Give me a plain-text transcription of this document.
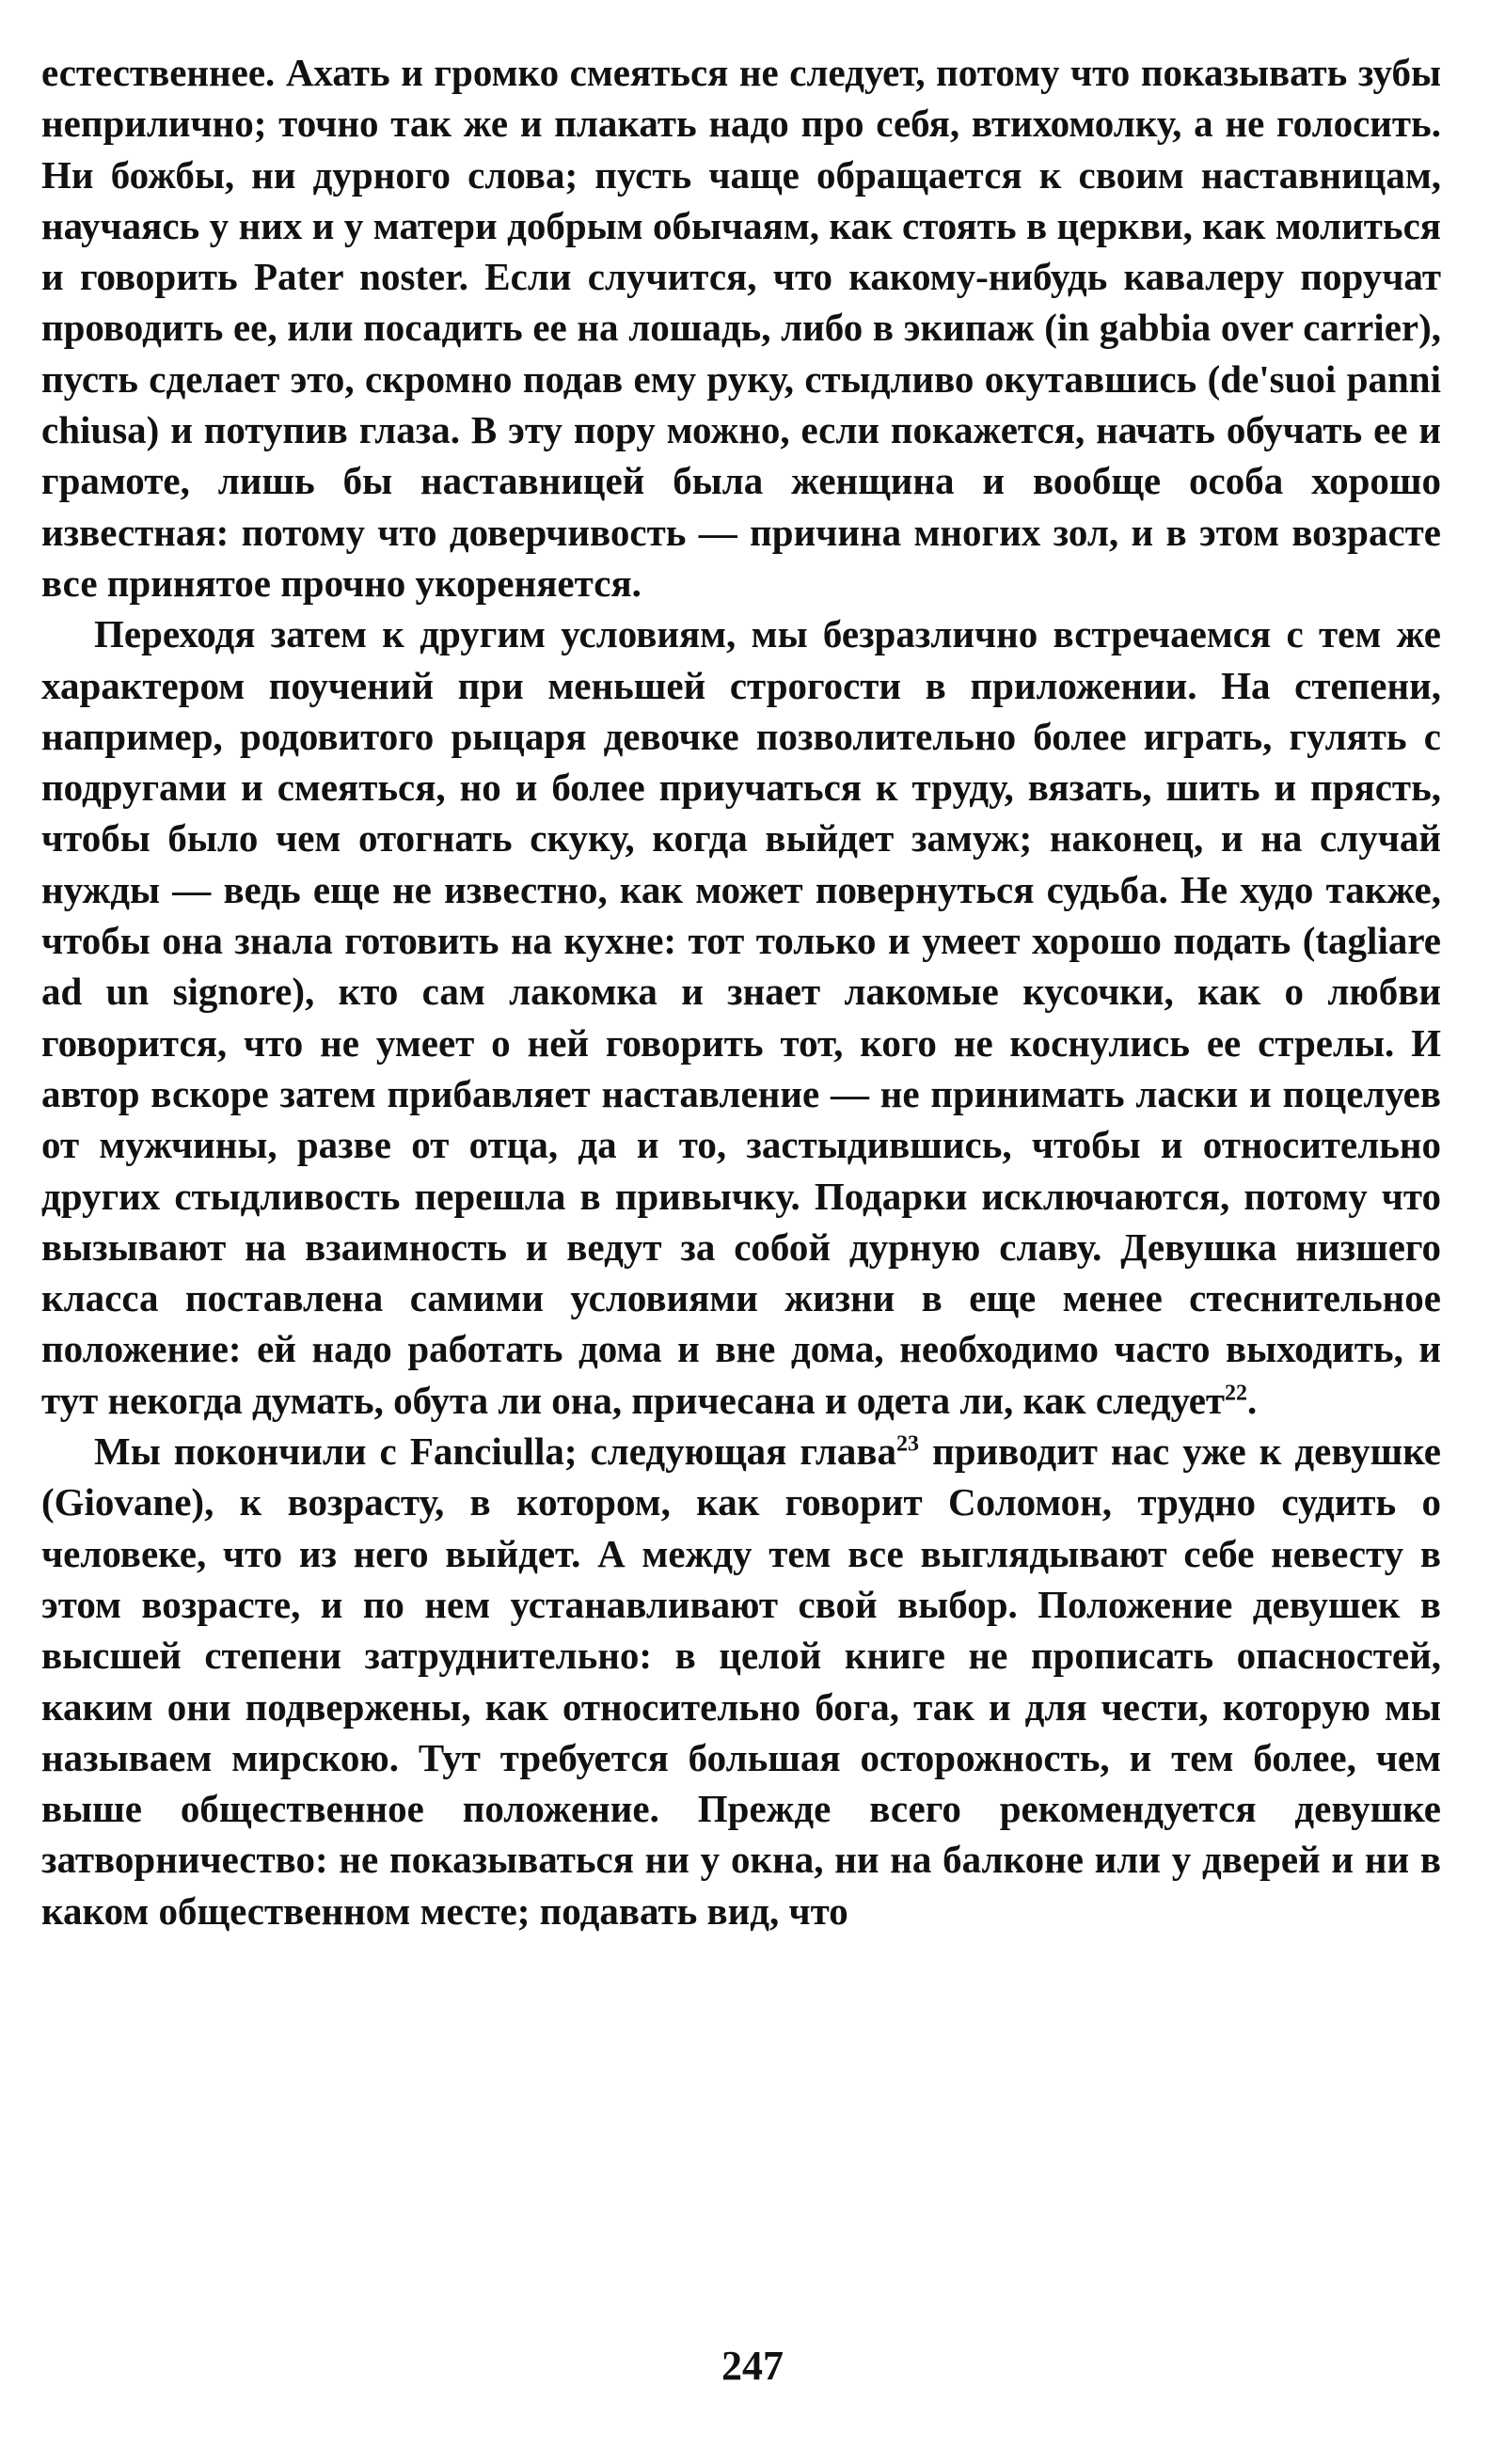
естественнее. Ахать и громко смеяться не следует, потому что показывать зубы неприлично; точно так же и плакать надо про себя, втихомолку, а не голосить. Ни божбы, ни дурного слова; пусть чаще обращается к своим наставницам, научаясь у них и у матери добрым обычаям, как стоять в церкви, как молиться и говорить Pater noster. Если случится, что какому-нибудь кавалеру поручат проводить ее, или посадить ее на лошадь, либо в экипаж (in gabbia over carrier), пусть сделает это, скромно подав ему руку, стыдливо окутавшись (de'suoi panni chiusa) и потупив глаза. В эту пору можно, если покажется, начать обучать ее и грамоте, лишь бы наставницей была женщина и вообще особа хорошо известная: потому что доверчивость — причина многих зол, и в этом возрасте все принятое прочно укореняется.

Переходя затем к другим условиям, мы безразлично встречаемся с тем же характером поучений при меньшей строгости в приложении. На степени, например, родовитого рыцаря девочке позволительно более играть, гулять с подругами и смеяться, но и более приучаться к труду, вязать, шить и прясть, чтобы было чем отогнать скуку, когда выйдет замуж; наконец, и на случай нужды — ведь еще не известно, как может повернуться судьба. Не худо также, чтобы она знала готовить на кухне: тот только и умеет хорошо подать (tagliare ad un signore), кто сам лакомка и знает лакомые кусочки, как о любви говорится, что не умеет о ней говорить тот, кого не коснулись ее стрелы. И автор вскоре затем прибавляет наставление — не принимать ласки и поцелуев от мужчины, разве от отца, да и то, застыдившись, чтобы и относительно других стыдливость перешла в привычку. Подарки исключаются, потому что вызывают на взаимность и ведут за собой дурную славу. Девушка низшего класса поставлена самими условиями жизни в еще менее стеснительное положение: ей надо работать дома и вне дома, необходимо часто выходить, и тут некогда думать, обута ли она, причесана и одета ли, как следует$^{22}$.

Мы покончили с Fanciulla; следующая глава$^{23}$ приводит нас уже к девушке (Giovane), к возрасту, в котором, как говорит Соломон, трудно судить о человеке, что из него выйдет. А между тем все выглядывают себе невесту в этом возрасте, и по нем устанавливают свой выбор. Положение девушек в высшей степени затруднительно: в целой книге не прописать опасностей, каким они подвержены, как относительно бога, так и для чести, которую мы называем мирскою. Тут требуется большая осторожность, и тем более, чем выше общественное положение. Прежде всего рекомендуется девушке затворничество: не показываться ни у окна, ни на балконе или у дверей и ни в каком общественном месте; подавать вид, что

247
